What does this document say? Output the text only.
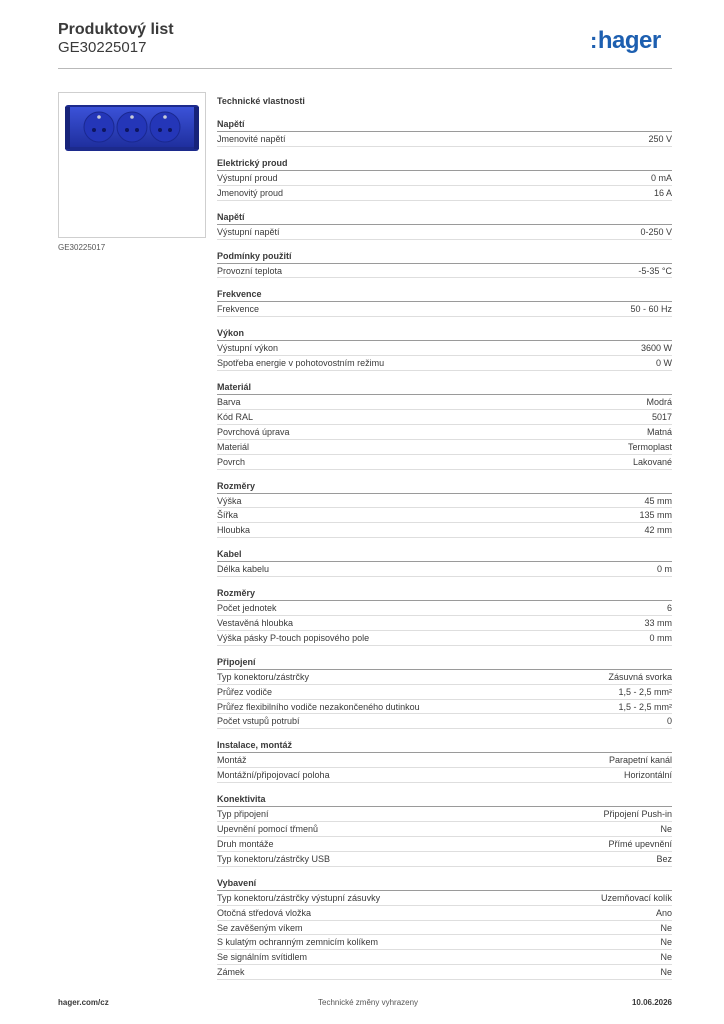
Produktový list
GE30225017	:hager
GE30225017
Technické vlastnosti
Napětí
Jmenovité napětí	250 V
Elektrický proud
Výstupní proud	0 mA
Jmenovitý proud	16 A
Napětí
Výstupní napětí	0-250 V
Podmínky použití
Provozní teplota	-5-35 °C
Frekvence
Frekvence	50 - 60 Hz
Výkon
Výstupní výkon	3600 W
Spotřeba energie v pohotovostním režimu	0 W
Materiál
Barva	Modrá
Kód RAL	5017
Povrchová úprava	Matná
Materiál	Termoplast
Povrch	Lakované
Rozměry
Výška	45 mm
Šířka	135 mm
Hloubka	42 mm
Kabel
Délka kabelu	0 m
Rozměry
Počet jednotek	6
Vestavěná hloubka	33 mm
Výška pásky P-touch popisového pole	0 mm
Připojení
Typ konektoru/zástrčky	Zásuvná svorka
Průřez vodiče	1,5 - 2,5 mm²
Průřez flexibilního vodiče nezakončeného dutinkou	1,5 - 2,5 mm²
Počet vstupů potrubí	0
Instalace, montáž
Montáž	Parapetní kanál
Montážní/připojovací poloha	Horizontální
Konektivita
Typ připojení	Připojení Push-in
Upevnění pomocí třmenů	Ne
Druh montáže	Přímé upevnění
Typ konektoru/zástrčky USB	Bez
Vybavení
Typ konektoru/zástrčky výstupní zásuvky	Uzemňovací kolík
Otočná středová vložka	Ano
Se zavěšeným víkem	Ne
S kulatým ochranným zemnicím kolíkem	Ne
Se signálním svítidlem	Ne
Zámek	Ne
hager.com/cz	Technické změny vyhrazeny	10.06.2026
